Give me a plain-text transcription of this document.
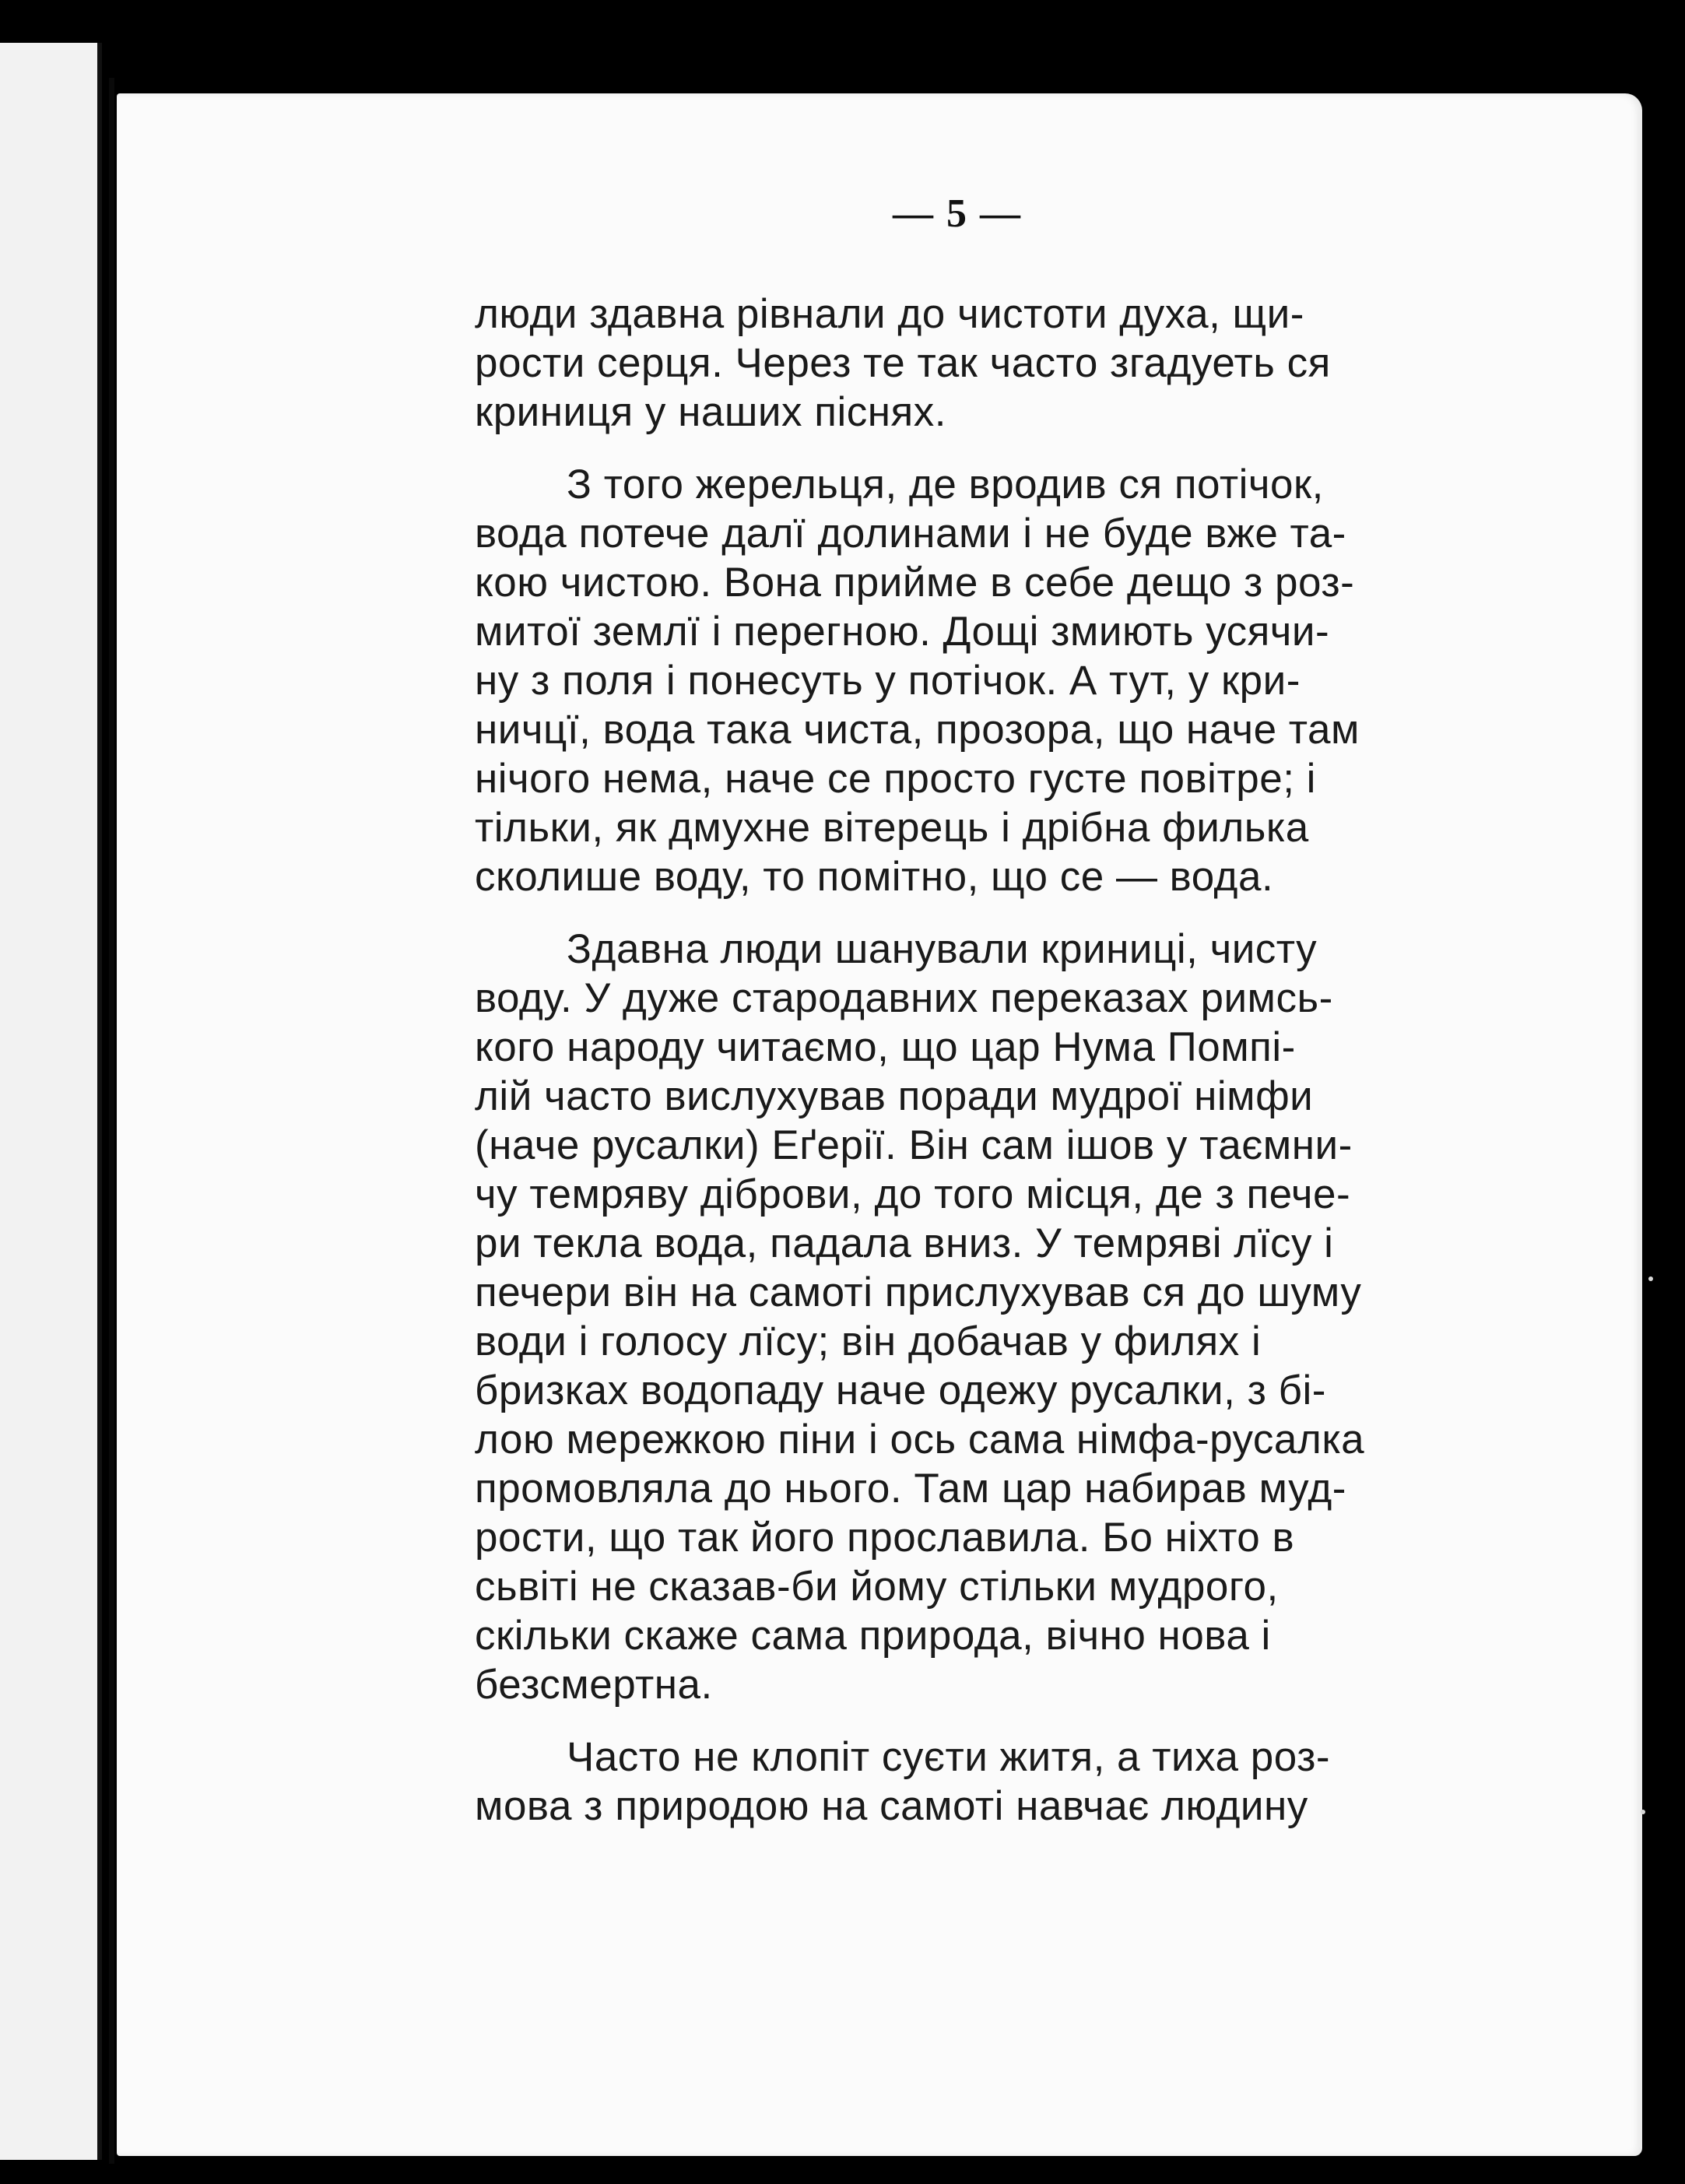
— 5 —
люди здавна рівнали до чистоти духа, щи-
рости серця. Через те так часто згадуеть ся
криниця у наших піснях.
З того жерельця, де вродив ся потічок,
вода потече далї долинами і не буде вже та-
кою чистою. Вона прийме в себе дещо з роз-
митої землї і перегною. Дощі змиють усячи-
ну з поля і понесуть у потічок. А тут, у кри-
ничцї, вода така чиста, прозора, що наче там
нічого нема, наче се просто густе повітре; і
тільки, як дмухне вітерець і дрібна филька
сколише воду, то помітно, що се — вода.
Здавна люди шанували криниці, чисту
воду. У дуже стародавних переказах римсь-
кого народу читаємо, що цар Нума Помпі-
лій часто вислухував поради мудрої німфи
(наче русалки) Еґерії. Він сам ішов у таємни-
чу темряву діброви, до того місця, де з пече-
ри текла вода, падала вниз. У темряві лїсу і
печери він на самоті прислухував ся до шуму
води і голосу лїсу; він добачав у филях і
бризках водопаду наче одежу русалки, з бі-
лою мережкою піни і ось сама німфа-русалка
промовляла до нього. Там цар набирав муд-
рости, що так його прославила. Бо ніхто в
сьвіті не сказав-би йому стільки мудрого,
скільки скаже сама природа, вічно нова і
безсмертна.
Часто не клопіт суєти житя, а тиха роз-
мова з природою на самоті навчає людину
